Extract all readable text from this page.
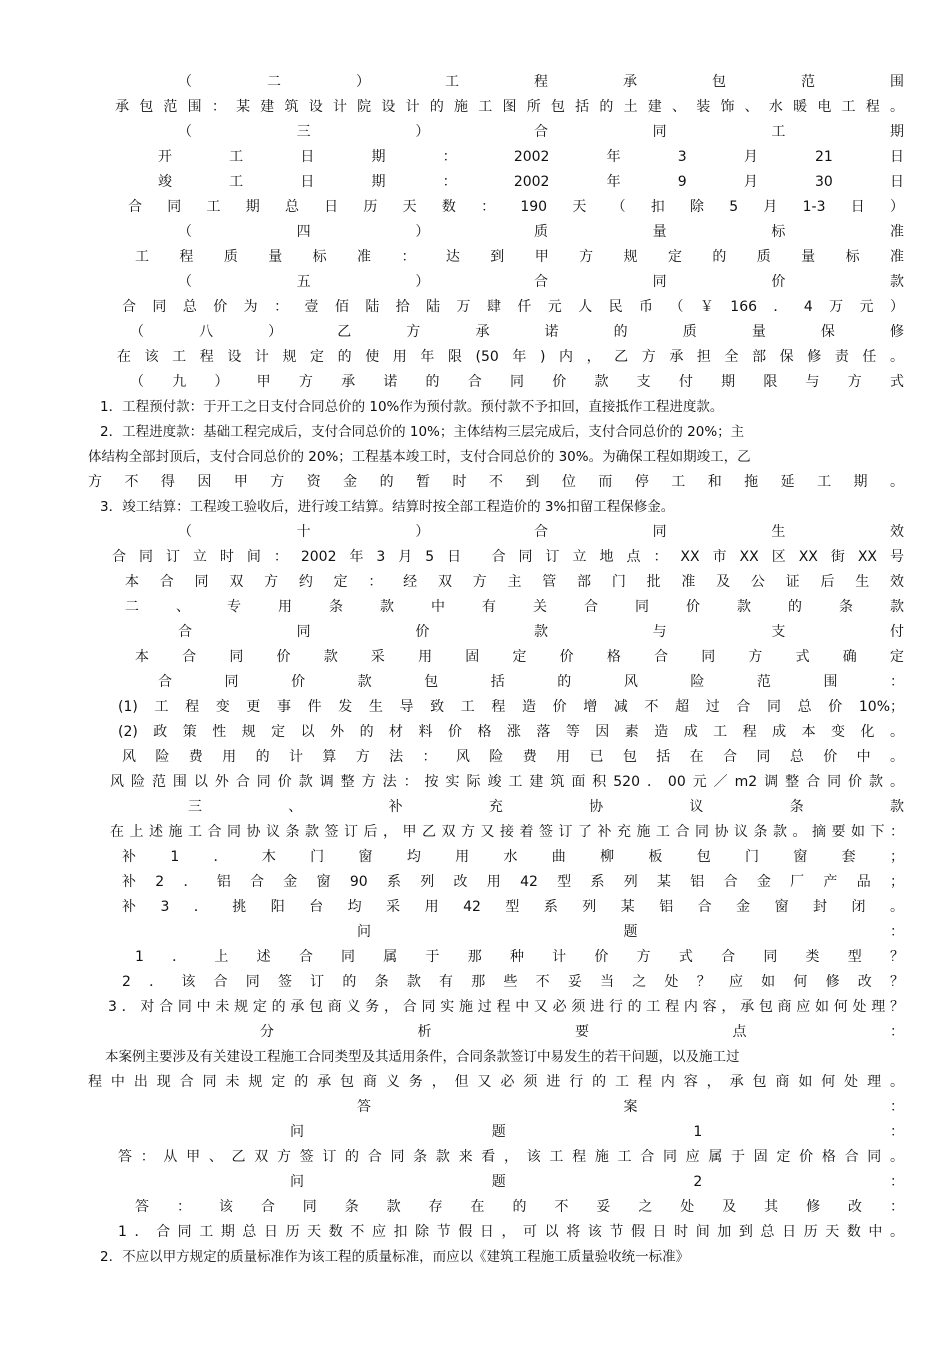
（二）工程承包范围
承包范围：某建筑设计院设计的施工图所包括的土建、装饰、水暖电工程。
（三）合同工期
开工日期：2002年3月21日
竣工日期：2002年9月30日
合同工期总日历天数：190天（扣除5月1-3日）
（四）质量标准
工程质量标准：达到甲方规定的质量标准
（五）合同价款
合同总价为：壹佰陆拾陆万肆仟元人民币（￥166．4万元）
（八）乙方承诺的质量保修
在该工程设计规定的使用年限(50年)内，乙方承担全部保修责任。
（九）甲方承诺的合同价款支付期限与方式
1．工程预付款：于开工之日支付合同总价的 10%作为预付款。预付款不予扣回，直接抵作工程进度款。
2．工程进度款：基础工程完成后，支付合同总价的 10%；主体结构三层完成后，支付合同总价的 20%；主
体结构全部封顶后，支付合同总价的 20%；工程基本竣工时，支付合同总价的 30%。为确保工程如期竣工，乙
方不得因甲方资金的暂时不到位而停工和拖延工期。
3．竣工结算：工程竣工验收后，进行竣工结算。结算时按全部工程造价的 3%扣留工程保修金。
（十）合同生效
合同订立时间：2002年3月5日 合同订立地点：XX市XX区XX街XX号
本合同双方约定：经双方主管部门批准及公证后生效
二、专用条款中有关合同价款的条款
合同价款与支付
本合同价款采用固定价格合同方式确定
合同价款包括的风险范围：
(1)工程变更事件发生导致工程造价增减不超过合同总价10%；
(2)政策性规定以外的材料价格涨落等因素造成工程成本变化。
风险费用的计算方法：风险费用已包括在合同总价中。
风险范围以外合同价款调整方法：按实际竣工建筑面积520．00元／m2调整合同价款。
三、补充协议条款
在上述施工合同协议条款签订后，甲乙双方又接着签订了补充施工合同协议条款。摘要如下：
补1．木门窗均用水曲柳板包门窗套；
补2．铝合金窗90系列改用42型系列某铝合金厂产品；
补3．挑阳台均采用42型系列某铝合金窗封闭。
问题：
1．上述合同属于那种计价方式合同类型？
2．该合同签订的条款有那些不妥当之处？应如何修改？
3．对合同中未规定的承包商义务，合同实施过程中又必须进行的工程内容，承包商应如何处理？
分析要点：
本案例主要涉及有关建设工程施工合同类型及其适用条件，合同条款签订中易发生的若干问题，以及施工过
程中出现合同未规定的承包商义务，但又必须进行的工程内容，承包商如何处理。
答案：
问题1：
答：从甲、乙双方签订的合同条款来看，该工程施工合同应属于固定价格合同。
问题2：
答：该合同条款存在的不妥之处及其修改：
1．合同工期总日历天数不应扣除节假日，可以将该节假日时间加到总日历天数中。
2．不应以甲方规定的质量标准作为该工程的质量标准，而应以《建筑工程施工质量验收统一标准》
